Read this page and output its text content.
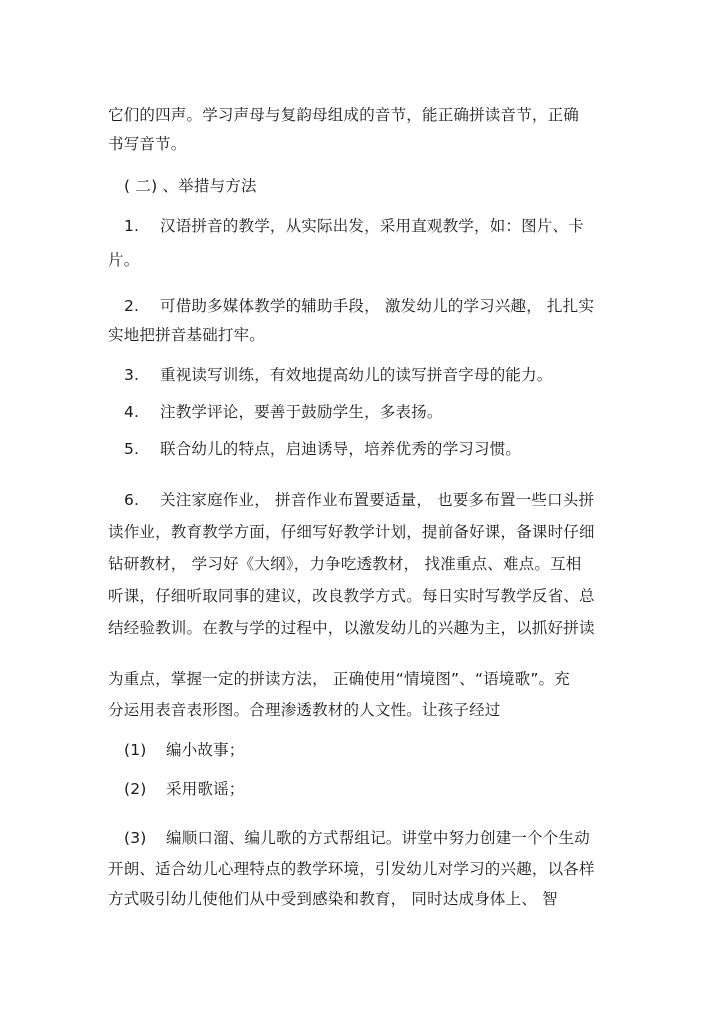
它们的四声。学习声母与复韵母组成的音节，能正确拼读音节，正确
书写音节。
( 二) 、举措与方法
1. 汉语拼音的教学，从实际出发，采用直观教学，如：图片、卡
片。
2. 可借助多媒体教学的辅助手段， 激发幼儿的学习兴趣， 扎扎实
实地把拼音基础打牢。
3. 重视读写训练，有效地提高幼儿的读写拼音字母的能力。
4. 注教学评论，要善于鼓励学生，多表扬。
5. 联合幼儿的特点，启迪诱导，培养优秀的学习习惯。
6. 关注家庭作业， 拼音作业布置要适量， 也要多布置一些口头拼
读作业，教育教学方面，仔细写好教学计划，提前备好课，备课时仔细
钻研教材， 学习好《大纲》，力争吃透教材， 找准重点、难点。互相
听课，仔细听取同事的建议，改良教学方式。每日实时写教学反省、总
结经验教训。在教与学的过程中，以激发幼儿的兴趣为主，以抓好拼读
为重点，掌握一定的拼读方法， 正确使用“情境图”、“语境歌”。充
分运用表音表形图。合理渗透教材的人文性。让孩子经过
(1) 编小故事；
(2) 采用歌谣；
(3) 编顺口溜、编儿歌的方式帮组记。讲堂中努力创建一个个生动
开朗、适合幼儿心理特点的教学环境，引发幼儿对学习的兴趣，以各样
方式吸引幼儿使他们从中受到感染和教育， 同时达成身体上、 智
